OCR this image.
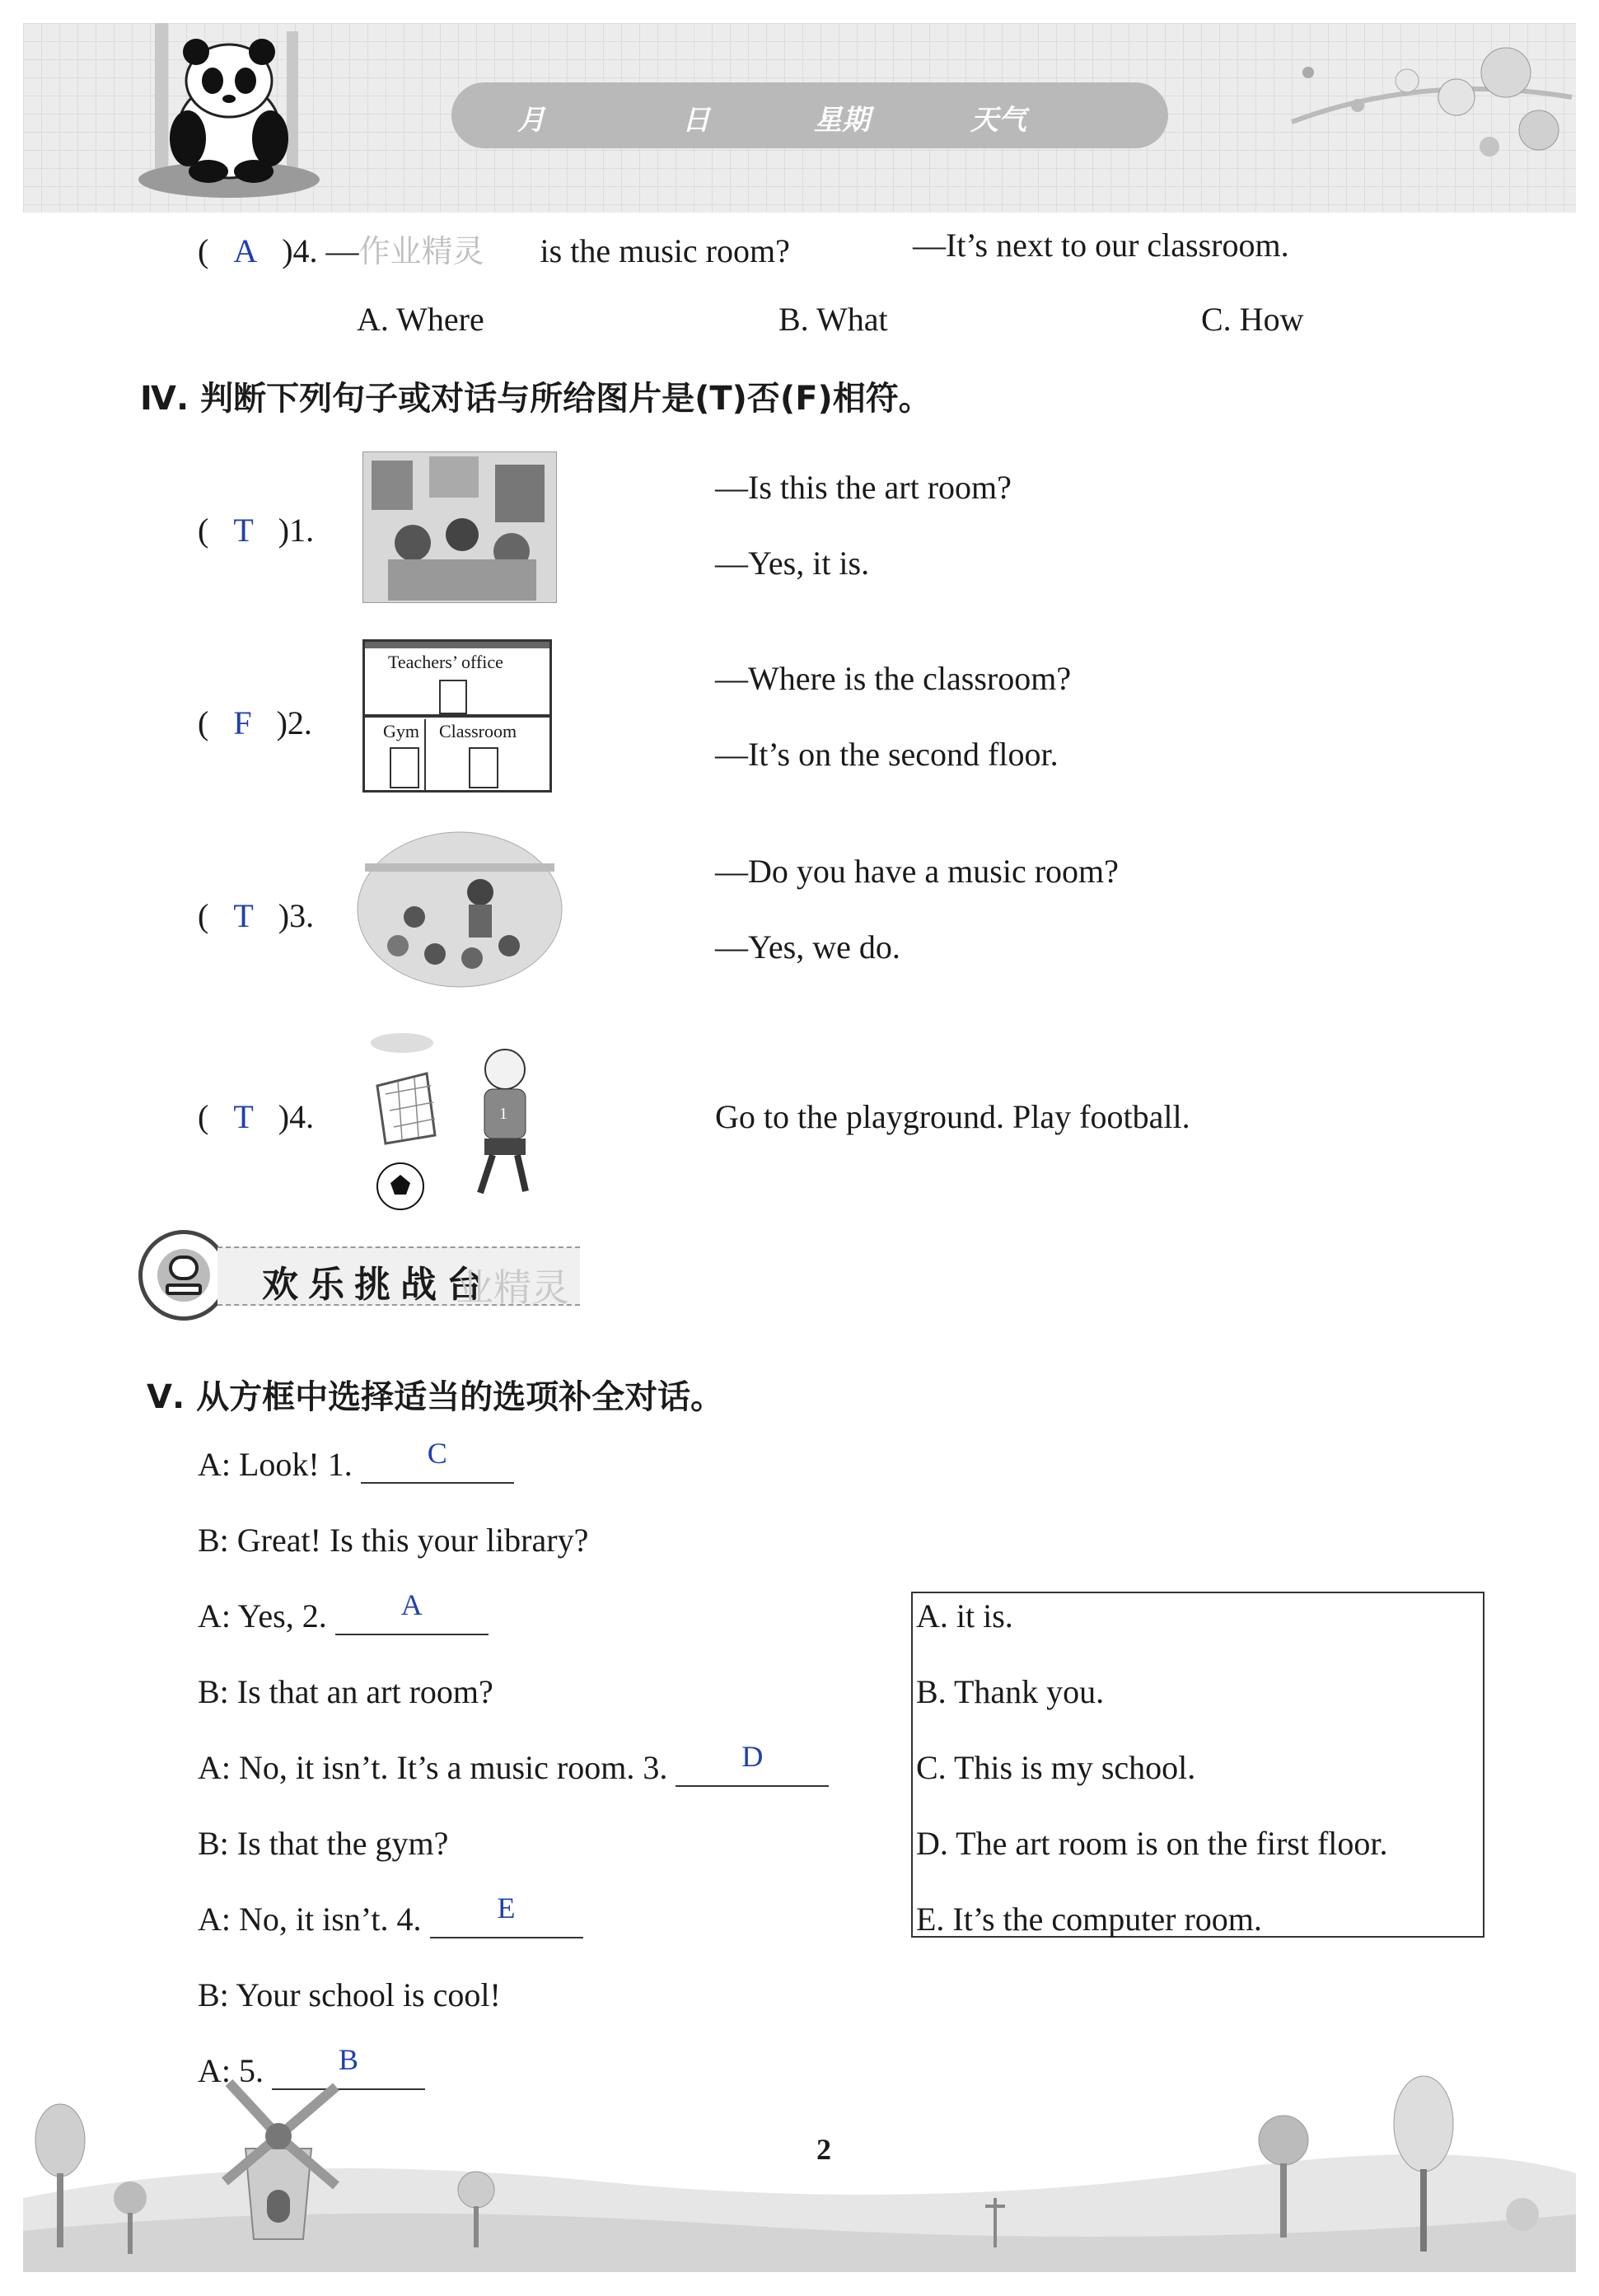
月	日	星期	天气
(   A )4. —作业精灵 is the music room?	—It’s next to our classroom.
A. Where	B. What	C. How
Ⅳ. 判断下列句子或对话与所给图片是(T)否(F)相符。
(   T )1.
—Is this the art room?
—Yes, it is.
(   F )2.
Teachers’ office
Gym Classroom
—Where is the classroom?
—It’s on the second floor.
(   T )3.
—Do you have a music room?
—Yes, we do.
(   T )4.	1	Go to the playground. Play football.
欢乐挑战台
业精灵
Ⅴ. 从方框中选择适当的选项补全对话。
A: Look! 1.	C
B: Great! Is this your library?
A: Yes, 2.	A
B: Is that an art room?
A: No, it isn’t. It’s a music room. 3.	D
B: Is that the gym?
A: No, it isn’t. 4.	E
B: Your school is cool!
A: 5.	B
A. it is.
B. Thank you.
C. This is my school.
D. The art room is on the first floor.
E. It’s the computer room.
2
